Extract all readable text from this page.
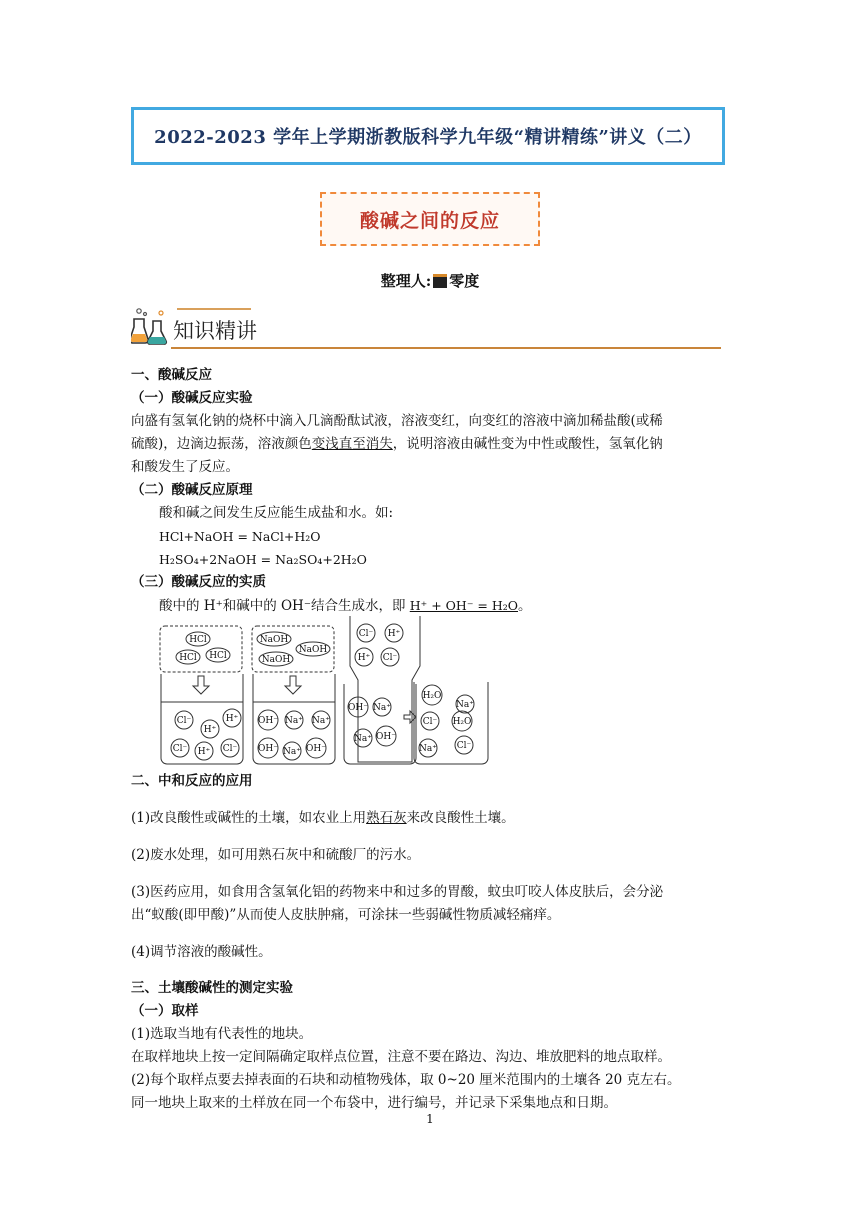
2022-2023 学年上学期浙教版科学九年级“精讲精练”讲义（二）
酸碱之间的反应
整理人: 零度
知识精讲
一、酸碱反应
（一）酸碱反应实验
向盛有氢氧化钠的烧杯中滴入几滴酚酞试液，溶液变红，向变红的溶液中滴加稀盐酸(或稀
硫酸)，边滴边振荡，溶液颜色变浅直至消失，说明溶液由碱性变为中性或酸性，氢氧化钠
和酸发生了反应。
（二）酸碱反应原理
酸和碱之间发生反应能生成盐和水。如:
HCl+NaOH = NaCl+H₂O
H₂SO₄+2NaOH = Na₂SO₄+2H₂O
（三）酸碱反应的实质
酸中的 H⁺和碱中的 OH⁻结合生成水，即 H⁺ + OH⁻ = H₂O。
HCl
HCl HCl
NaOH
NaOH
NaOH
Cl⁻
H⁺
H⁺
Cl⁻ H⁺ Cl⁻
OH⁻ Na⁺ Na⁺
OH⁻ Na⁺ OH⁻
Cl⁻ H⁺
H⁺ Cl⁻
OH⁻ Na⁺
Na⁺ OH⁻
H₂O
Na⁺
Cl⁻ H₂O
Na⁺ Cl⁻
二、中和反应的应用
(1)改良酸性或碱性的土壤，如农业上用熟石灰来改良酸性土壤。
(2)废水处理，如可用熟石灰中和硫酸厂的污水。
(3)医药应用，如食用含氢氧化铝的药物来中和过多的胃酸，蚊虫叮咬人体皮肤后，会分泌
出“蚁酸(即甲酸)”从而使人皮肤肿痛，可涂抹一些弱碱性物质减轻痛痒。
(4)调节溶液的酸碱性。
三、土壤酸碱性的测定实验
（一）取样
(1)选取当地有代表性的地块。
在取样地块上按一定间隔确定取样点位置，注意不要在路边、沟边、堆放肥料的地点取样。
(2)每个取样点要去掉表面的石块和动植物残体，取 0~20 厘米范围内的土壤各 20 克左右。
同一地块上取来的土样放在同一个布袋中，进行编号，并记录下采集地点和日期。
1
